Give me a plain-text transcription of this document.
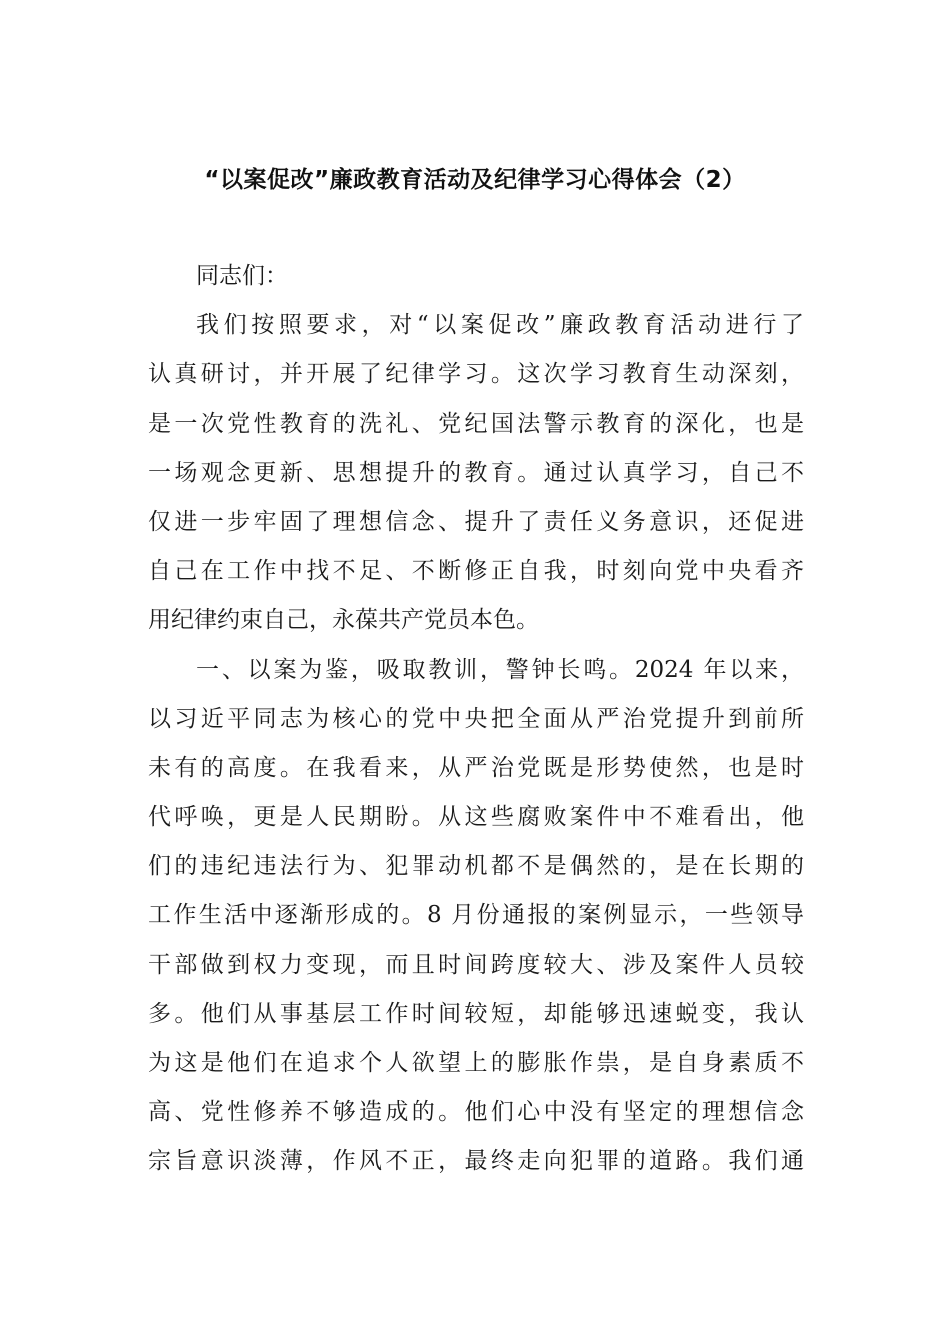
“以案促改”廉政教育活动及纪律学习心得体会（2）
同志们：
我们按照要求，对“以案促改”廉政教育活动进行了
认真研讨，并开展了纪律学习。这次学习教育生动深刻，
是一次党性教育的洗礼、党纪国法警示教育的深化，也是
一场观念更新、思想提升的教育。通过认真学习，自己不
仅进一步牢固了理想信念、提升了责任义务意识，还促进
自己在工作中找不足、不断修正自我，时刻向党中央看齐
用纪律约束自己，永葆共产党员本色。
一、以案为鉴，吸取教训，警钟长鸣。2024 年以来，
以习近平同志为核心的党中央把全面从严治党提升到前所
未有的高度。在我看来，从严治党既是形势使然，也是时
代呼唤，更是人民期盼。从这些腐败案件中不难看出，他
们的违纪违法行为、犯罪动机都不是偶然的，是在长期的
工作生活中逐渐形成的。8 月份通报的案例显示，一些领导
干部做到权力变现，而且时间跨度较大、涉及案件人员较
多。他们从事基层工作时间较短，却能够迅速蜕变，我认
为这是他们在追求个人欲望上的膨胀作祟，是自身素质不
高、党性修养不够造成的。他们心中没有坚定的理想信念
宗旨意识淡薄，作风不正，最终走向犯罪的道路。我们通
